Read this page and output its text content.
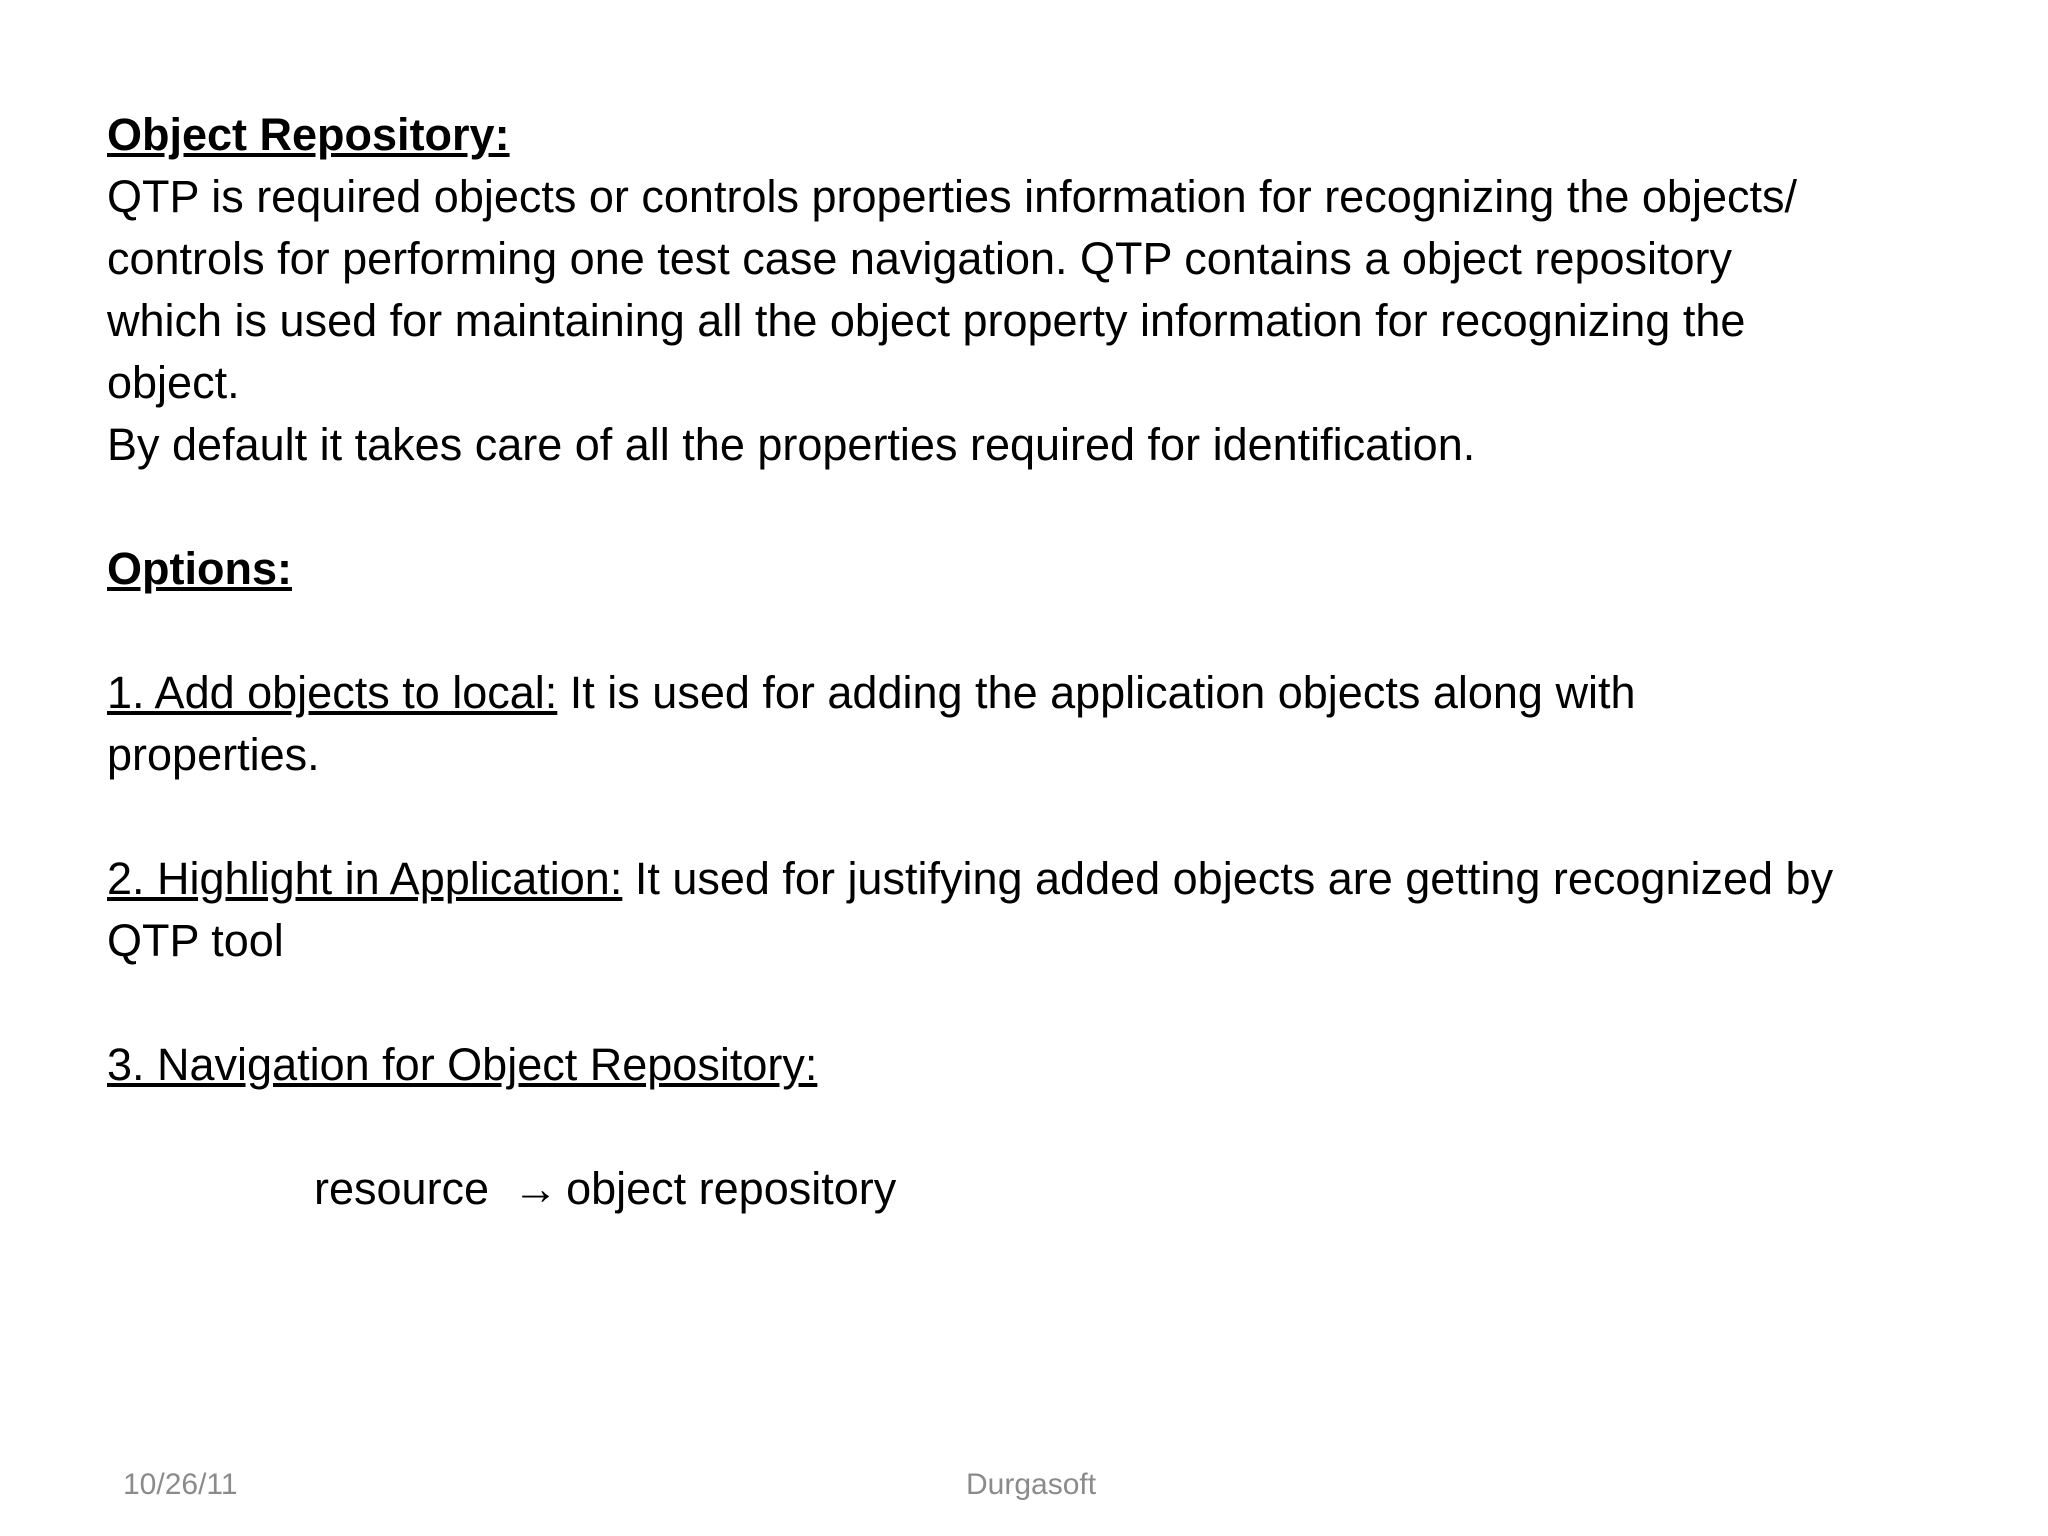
Object Repository:
QTP is required objects or controls properties information for recognizing the objects/
controls for performing one test case navigation. QTP contains a object repository
which is used for maintaining all the object property information for recognizing the
object.
By default it takes care of all the properties required for identification.
Options:
1. Add objects to local: It is used for adding the application objects along with
properties.
2. Highlight in Application: It used for justifying added objects are getting recognized by
QTP tool
3. Navigation for Object Repository:
resource → object repository
10/26/11	Durgasoft
